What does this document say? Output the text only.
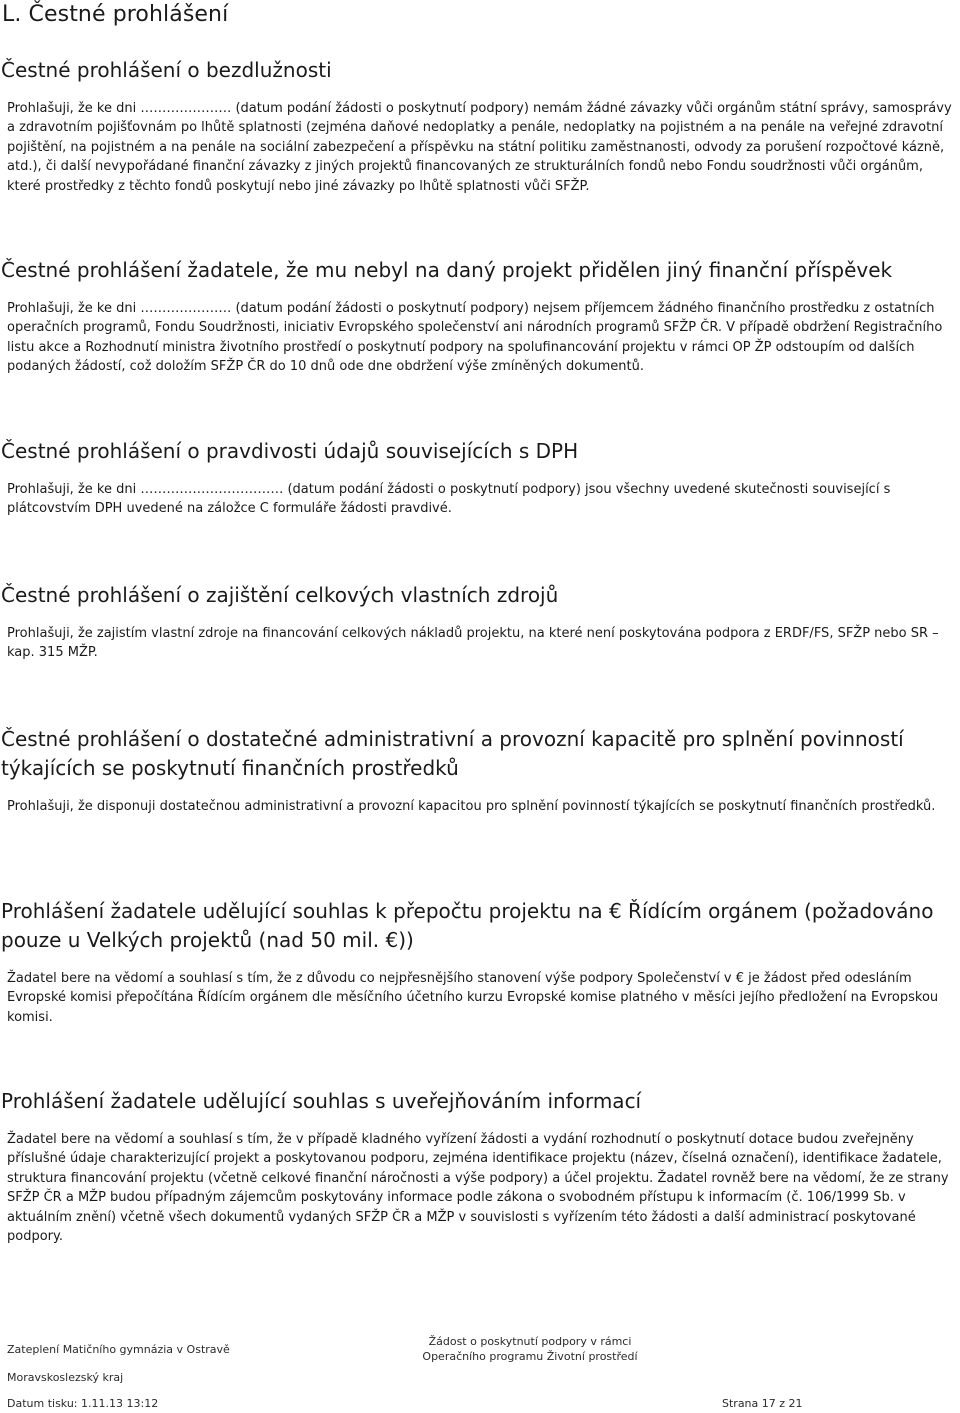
L. Čestné prohlášení
Čestné prohlášení o bezdlužnosti

Prohlašuji, že ke dni ………………… (datum podání žádosti o poskytnutí podpory) nemám žádné závazky vůči orgánům státní správy, samosprávy a zdravotním pojišťovnám po lhůtě splatnosti (zejména daňové nedoplatky a penále, nedoplatky na pojistném a na penále na veřejné zdravotní pojištění, na pojistném a na penále na sociální zabezpečení a příspěvku na státní politiku zaměstnanosti, odvody za porušení rozpočtové kázně, atd.), či další nevypořádané finanční závazky z jiných projektů financovaných ze strukturálních fondů nebo Fondu soudržnosti vůči orgánům, které prostředky z těchto fondů poskytují nebo jiné závazky po lhůtě splatnosti vůči SFŽP.

Čestné prohlášení žadatele, že mu nebyl na daný projekt přidělen jiný finanční příspěvek

Prohlašuji, že ke dni ………………… (datum podání žádosti o poskytnutí podpory) nejsem příjemcem žádného finančního prostředku z ostatních operačních programů, Fondu Soudržnosti, iniciativ Evropského společenství ani národních programů SFŽP ČR. V případě obdržení Registračního listu akce a Rozhodnutí ministra životního prostředí o poskytnutí podpory na spolufinancování projektu v rámci OP ŽP odstoupím od dalších podaných žádostí, což doložím SFŽP ČR do 10 dnů ode dne obdržení výše zmíněných dokumentů.

Čestné prohlášení o pravdivosti údajů souvisejících s DPH

Prohlašuji, že ke dni …………………………… (datum podání žádosti o poskytnutí podpory) jsou všechny uvedené skutečnosti související s plátcovstvím DPH uvedené na záložce C formuláře žádosti pravdivé.

Čestné prohlášení o zajištění celkových vlastních zdrojů

Prohlašuji, že zajistím vlastní zdroje na financování celkových nákladů projektu, na které není poskytována podpora z ERDF/FS, SFŽP nebo SR – kap. 315 MŽP.

Čestné prohlášení o dostatečné administrativní a provozní kapacitě pro splnění povinností týkajících se poskytnutí finančních prostředků

Prohlašuji, že disponuji dostatečnou administrativní a provozní kapacitou pro splnění povinností týkajících se poskytnutí finančních prostředků.

Prohlášení žadatele udělující souhlas k přepočtu projektu na € Řídícím orgánem (požadováno pouze u Velkých projektů (nad 50 mil. €))

Žadatel bere na vědomí a souhlasí s tím, že z důvodu co nejpřesnějšího stanovení výše podpory Společenství v € je žádost před odesláním Evropské komisi přepočítána Řídícím orgánem dle měsíčního účetního kurzu Evropské komise platného v měsíci jejího předložení na Evropskou komisi.

Prohlášení žadatele udělující souhlas s uveřejňováním informací

Žadatel bere na vědomí a souhlasí s tím, že v případě kladného vyřízení žádosti a vydání rozhodnutí o poskytnutí dotace budou zveřejněny příslušné údaje charakterizující projekt a poskytovanou podporu, zejména identifikace projektu (název, číselná označení), identifikace žadatele, struktura financování projektu (včetně celkové finanční náročnosti a výše podpory) a účel projektu. Žadatel rovněž bere na vědomí, že ze strany SFŽP ČR a MŽP budou případným zájemcům poskytovány informace podle zákona o svobodném přístupu k informacím (č. 106/1999 Sb. v aktuálním znění) včetně všech dokumentů vydaných SFŽP ČR a MŽP v souvislosti s vyřízením této žádosti a další administrací poskytované podpory.

Zateplení Matičního gymnázia v Ostravě
Moravskoslezský kraj
Žádost o poskytnutí podpory v rámci
Operačního programu Životní prostředí
Datum tisku: 1.11.13 13:12	Strana 17 z 21
